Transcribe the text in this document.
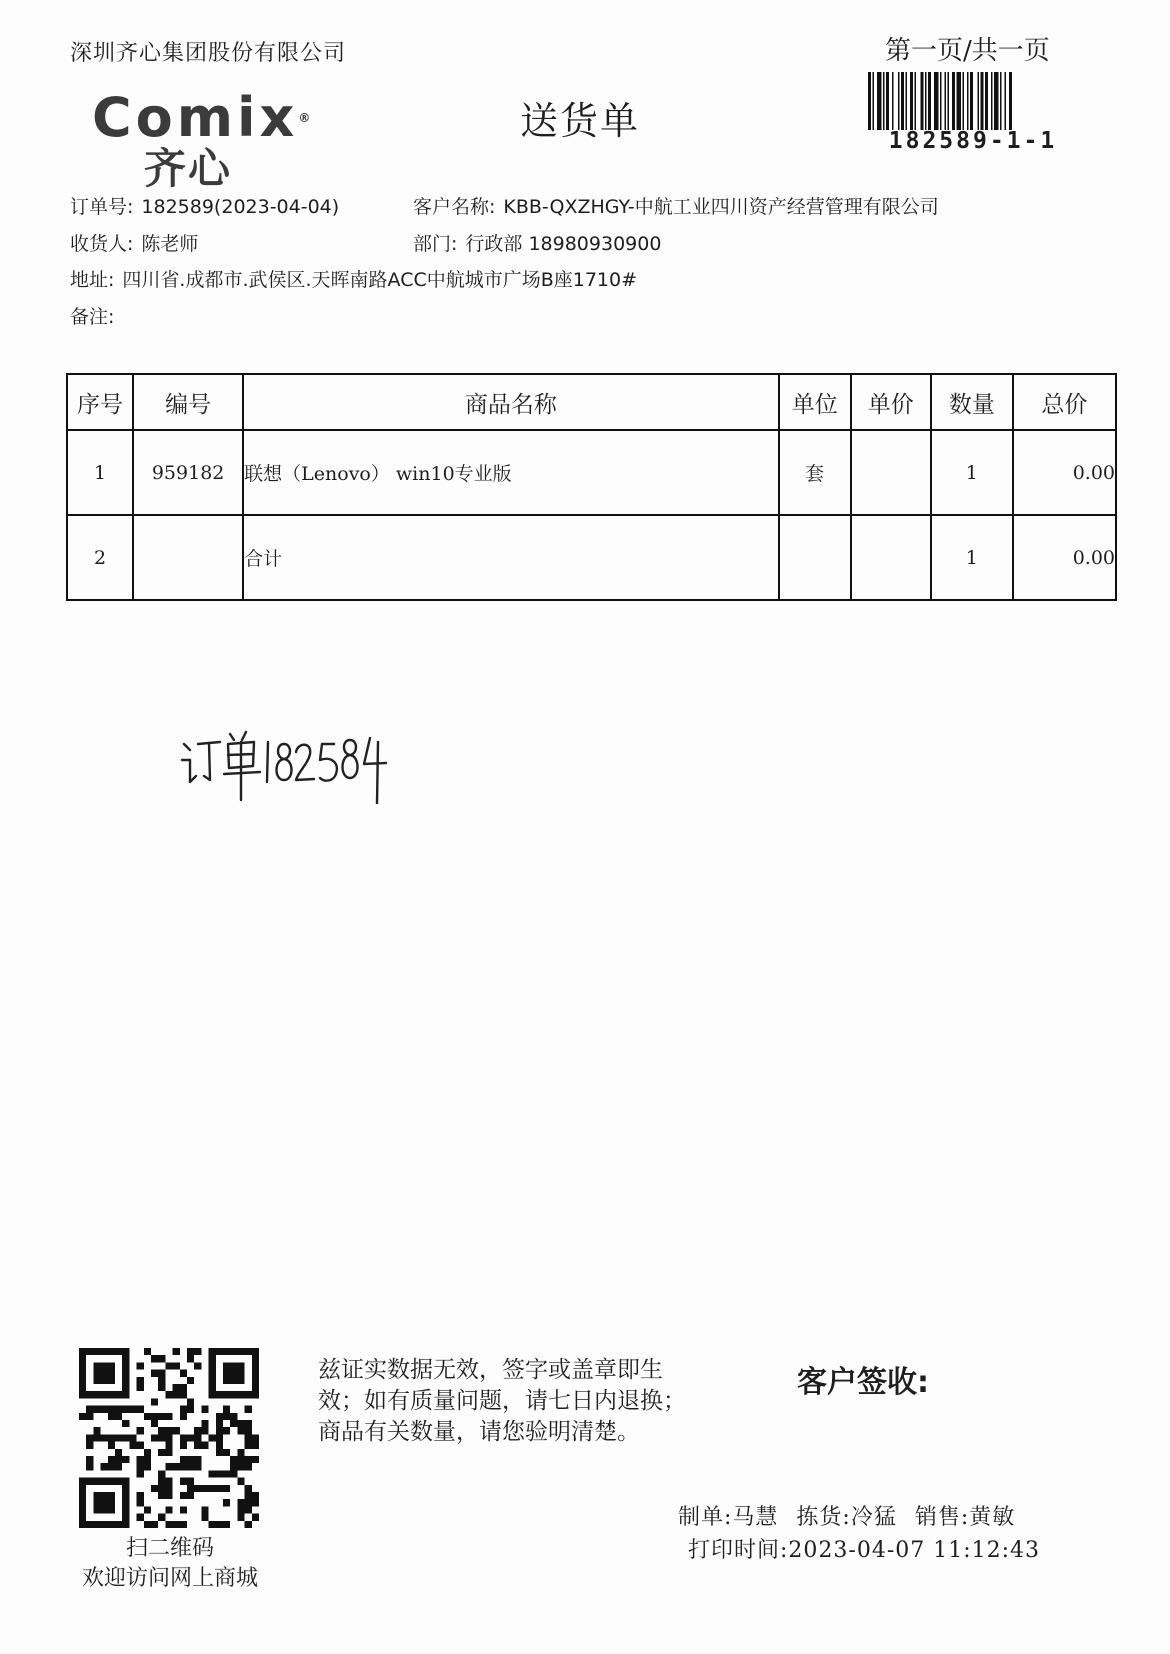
深圳齐心集团股份有限公司	第一页/共一页
182589-1-1
Comix®
齐心
送货单
订单号: 182589(2023-04-04)	客户名称: KBB-QXZHGY-中航工业四川资产经营管理有限公司
收货人: 陈老师	部门: 行政部 18980930900
地址: 四川省.成都市.武侯区.天晖南路ACC中航城市广场B座1710#
备注:
序号	编号	商品名称	单位	单价	数量	总价
1	959182	联想（Lenovo） win10专业版	套		1	0.00
2		合计			1	0.00
扫二维码
欢迎访问网上商城
兹证实数据无效，签字或盖章即生
效；如有质量问题，请七日内退换；
商品有关数量，请您验明清楚。
客户签收:
制单:马慧 拣货:冷猛 销售:黄敏
打印时间:2023-04-07 11:12:43
